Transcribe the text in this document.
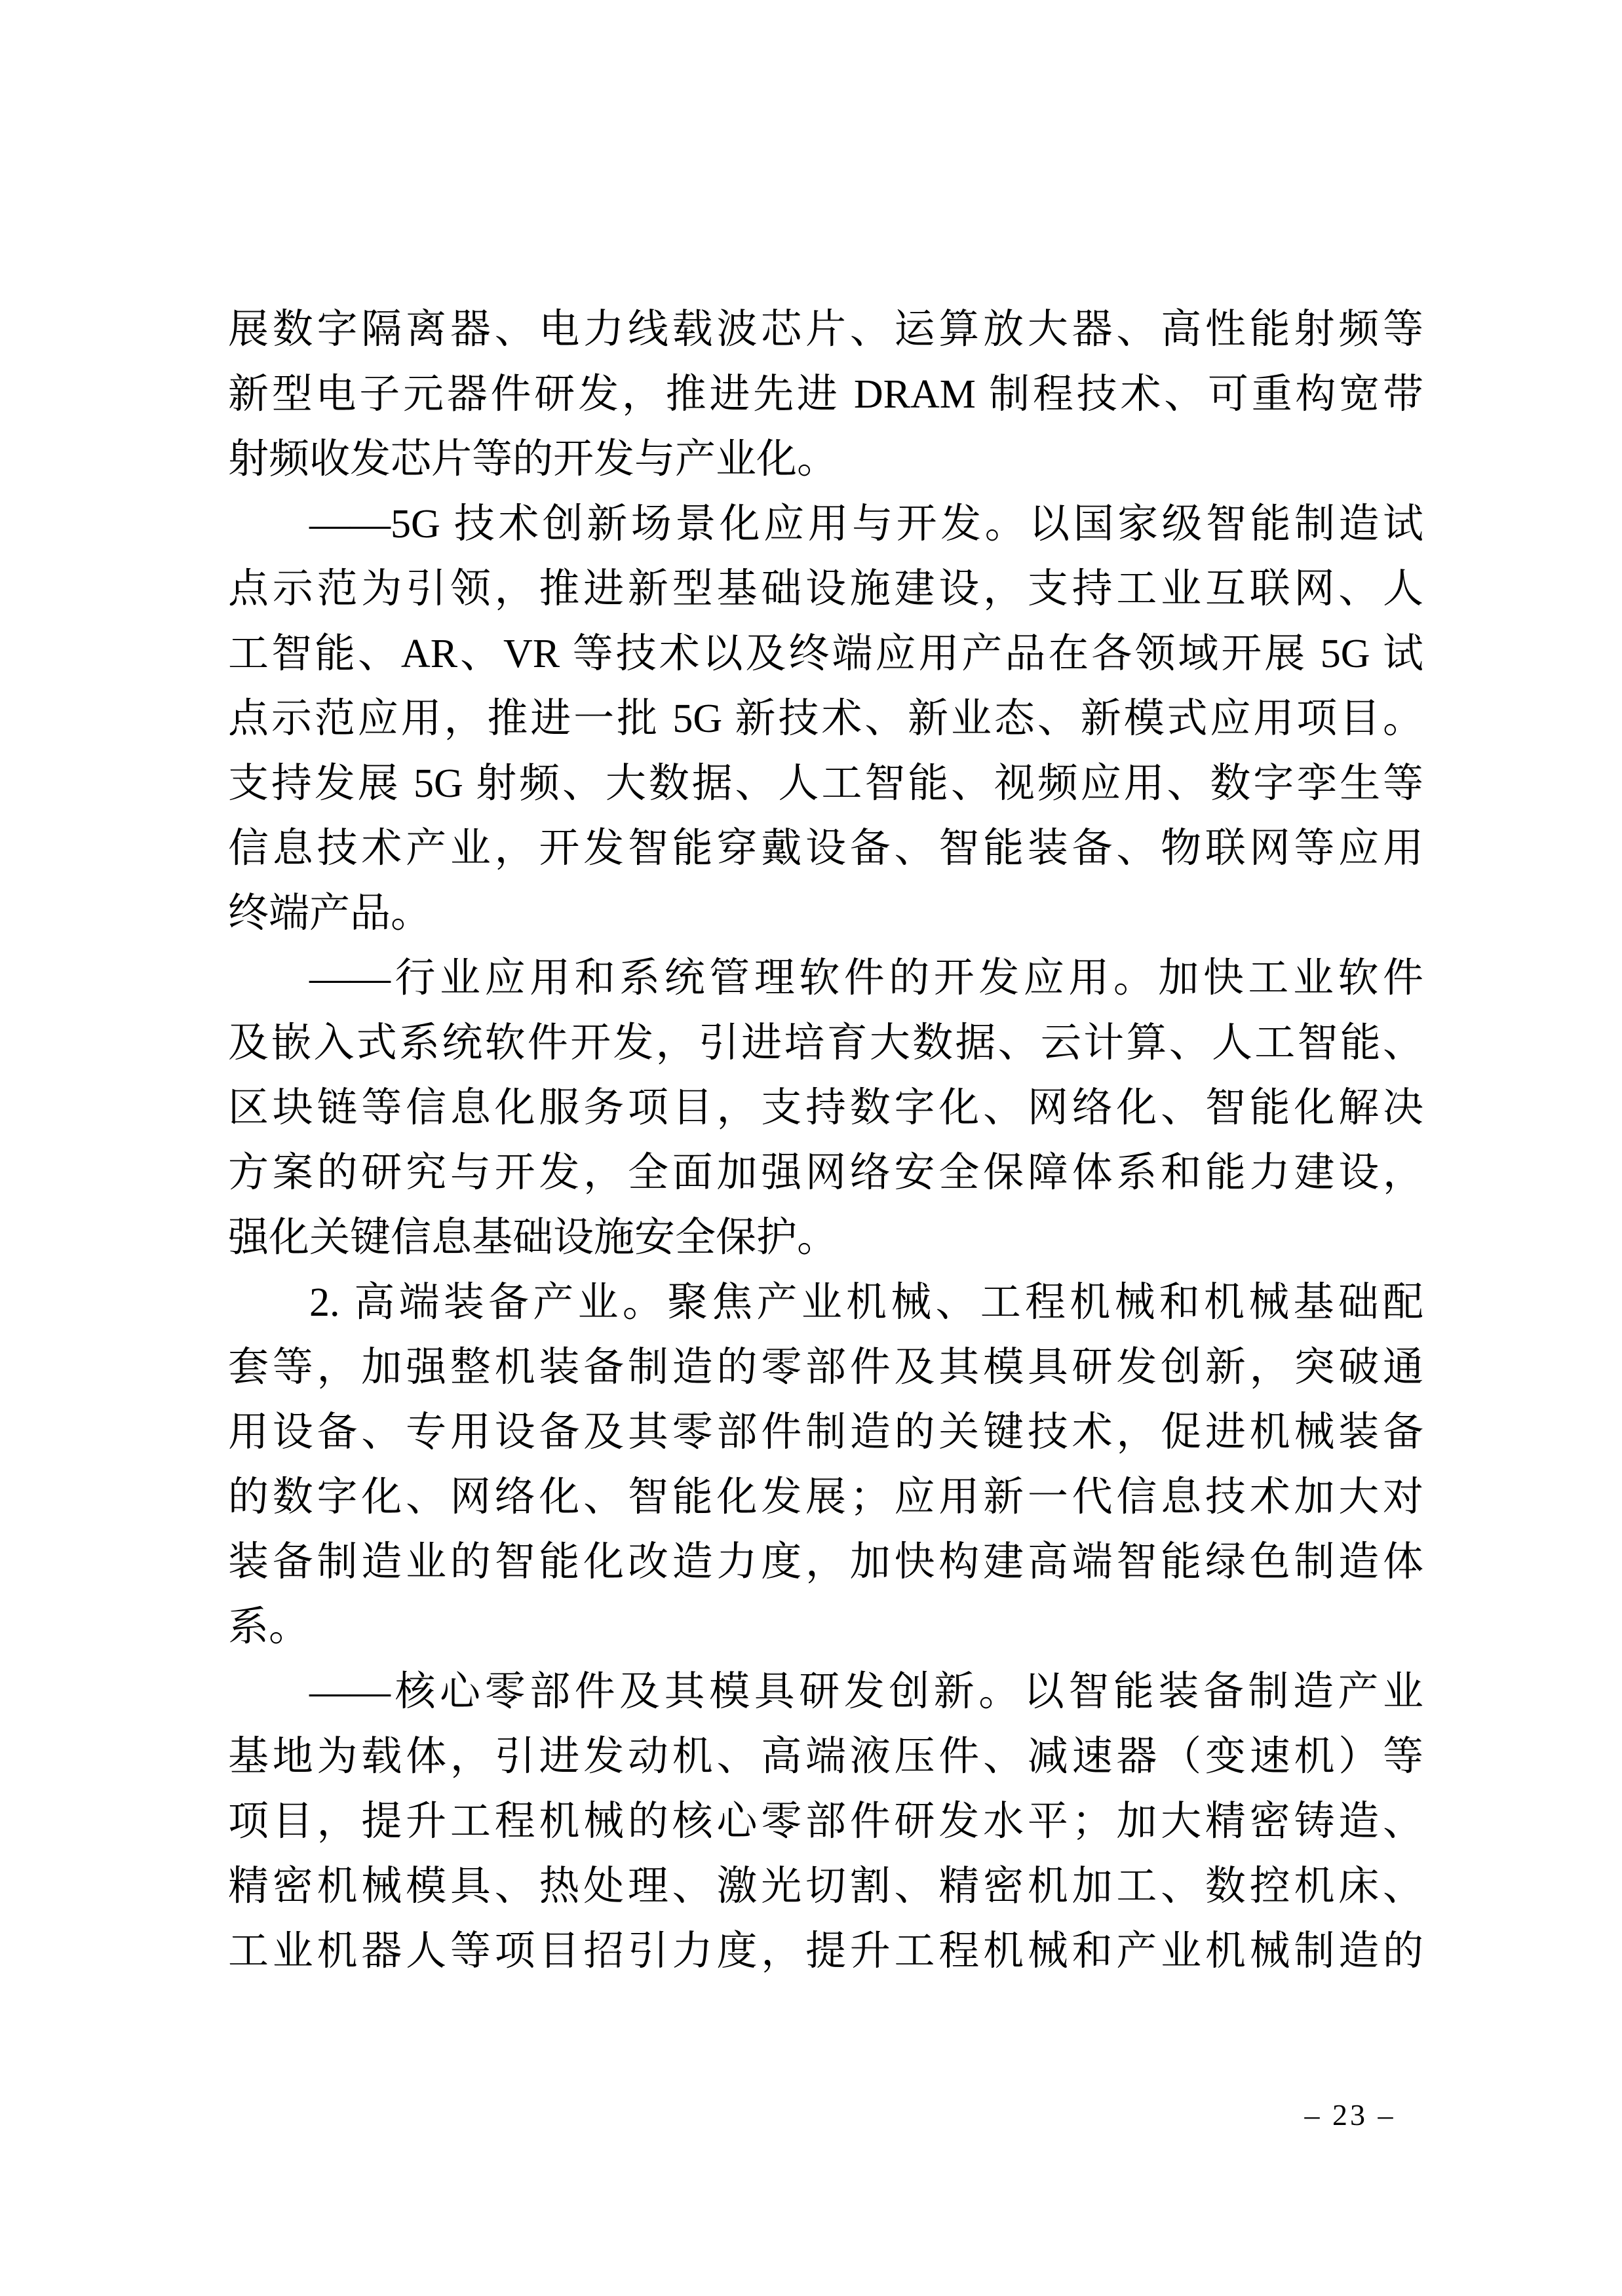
展数字隔离器、电力线载波芯片、运算放大器、高性能射频等
新型电子元器件研发，推进先进 DRAM 制程技术、可重构宽带
射频收发芯片等的开发与产业化。
——5G 技术创新场景化应用与开发。以国家级智能制造试
点示范为引领，推进新型基础设施建设，支持工业互联网、人
工智能、AR、VR 等技术以及终端应用产品在各领域开展 5G 试
点示范应用，推进一批 5G 新技术、新业态、新模式应用项目。
支持发展 5G 射频、大数据、人工智能、视频应用、数字孪生等
信息技术产业，开发智能穿戴设备、智能装备、物联网等应用
终端产品。
——行业应用和系统管理软件的开发应用。加快工业软件
及嵌入式系统软件开发，引进培育大数据、云计算、人工智能、
区块链等信息化服务项目，支持数字化、网络化、智能化解决
方案的研究与开发，全面加强网络安全保障体系和能力建设，
强化关键信息基础设施安全保护。
2. 高端装备产业。聚焦产业机械、工程机械和机械基础配
套等，加强整机装备制造的零部件及其模具研发创新，突破通
用设备、专用设备及其零部件制造的关键技术，促进机械装备
的数字化、网络化、智能化发展；应用新一代信息技术加大对
装备制造业的智能化改造力度，加快构建高端智能绿色制造体
系。
——核心零部件及其模具研发创新。以智能装备制造产业
基地为载体，引进发动机、高端液压件、减速器（变速机）等
项目，提升工程机械的核心零部件研发水平；加大精密铸造、
精密机械模具、热处理、激光切割、精密机加工、数控机床、
工业机器人等项目招引力度，提升工程机械和产业机械制造的
– 23 –
